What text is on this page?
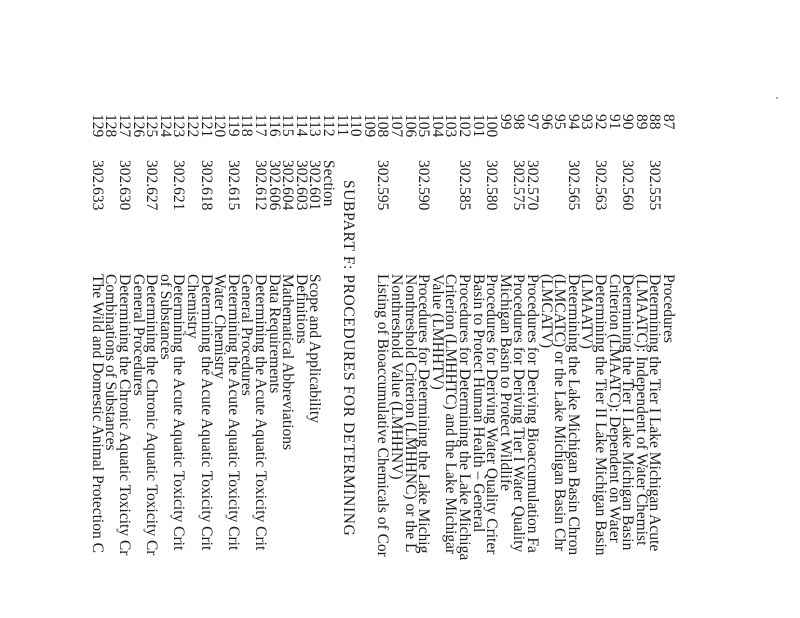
87
Procedures
88
302.555
Determining the Tier I Lake Michigan Acute
89
(LMAATC): Independent of Water Chemist
90
302.560
Determining the Tier I Lake Michigan Basin
91
Criterion (LMAATC): Dependent on Water
92
302.563
Determining the Tier II Lake Michigan Basin
93
(LMAATV)
94
302.565
Determining the Lake Michigan Basin Chron
95
(LMCATC) or the Lake Michigan Basin Chr
96
(LMCATV)
97
302.570
Procedures for Deriving Bioaccumulation Fa
98
302.575
Procedures for Deriving Tier I Water Quality
99
Michigan Basin to Protect Wildlife
100
302.580
Procedures for Deriving Water Quality Criter
101
Basin to Protect Human Health – General
102
302.585
Procedures for Determining the Lake Michiga
103
Criterion (LMHHTC) and the Lake Michigar
104
Value (LMHHTV)
105
302.590
Procedures for Determining the Lake Michig
106
Nonthreshold Criterion (LMHHNC) or the L
107
Nonthreshold Value (LMHHNV)
108
302.595
Listing of Bioaccumulative Chemicals of Cor
109
110
111
112
Section
113
302.601
Scope and Applicability
114
302.603
Definitions
115
302.604
Mathematical Abbreviations
116
302.606
Data Requirements
117
302.612
Determining the Acute Aquatic Toxicity Crit
118
General Procedures
119
302.615
Determining the Acute Aquatic Toxicity Crit
120
Water Chemistry
121
302.618
Determining the Acute Aquatic Toxicity Crit
122
Chemistry
123
302.621
Determining the Acute Aquatic Toxicity Crit
124
of Substances
125
302.627
Determining the Chronic Aquatic Toxicity Cr
126
General Procedures
127
302.630
Determining the Chronic Aquatic Toxicity Cr
128
Combinations of Substances
129
302.633
The Wild and Domestic Animal Protection C	SUBPART F: PROCEDURES FOR DETERMINING
